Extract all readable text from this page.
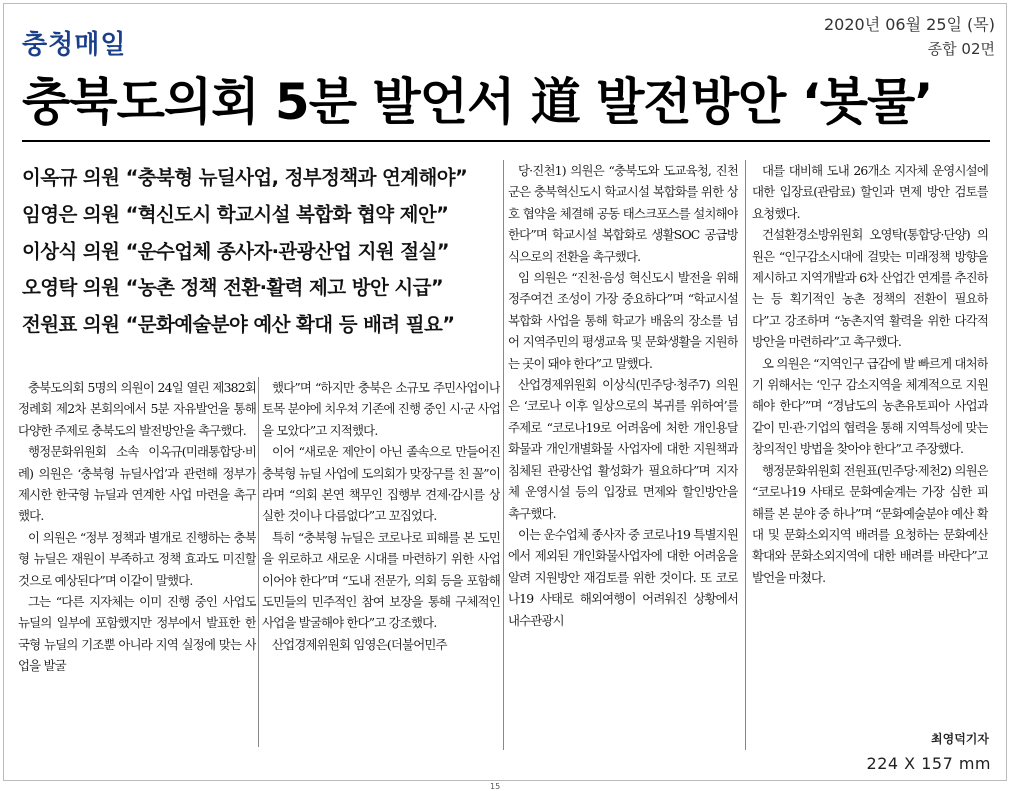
충청매일
2020년 06월 25일 (목)
종합 02면
충북도의회 5분 발언서 道 발전방안 ‘봇물’
이옥규 의원 “충북형 뉴딜사업, 정부정책과 연계해야”
임영은 의원 “혁신도시 학교시설 복합화 협약 제안”
이상식 의원 “운수업체 종사자·관광산업 지원 절실”
오영탁 의원 “농촌 정책 전환·활력 제고 방안 시급”
전원표 의원 “문화예술분야 예산 확대 등 배려 필요”

충북도의회 5명의 의원이 24일 열린 제382회 정례회 제2차 본회의에서 5분 자유발언을 통해 다양한 주제로 충북도의 발전방안을 촉구했다.

행정문화위원회 소속 이옥규(미래통합당·비례) 의원은 ‘충북형 뉴딜사업’과 관련해 정부가 제시한 한국형 뉴딜과 연계한 사업 마련을 촉구했다.

이 의원은 “정부 정책과 별개로 진행하는 충북형 뉴딜은 재원이 부족하고 정책 효과도 미진할 것으로 예상된다”며 이같이 말했다.

그는 “다른 지자체는 이미 진행 중인 사업도 뉴딜의 일부에 포함했지만 정부에서 발표한 한국형 뉴딜의 기조뿐 아니라 지역 실정에 맞는 사업을 발굴

했다”며 “하지만 충북은 소규모 주민사업이나 토목 분야에 치우쳐 기존에 진행 중인 시·군 사업을 모았다”고 지적했다.

이어 “새로운 제안이 아닌 졸속으로 만들어진 충북형 뉴딜 사업에 도의회가 맞장구를 친 꼴”이라며 “의회 본연 책무인 집행부 견제·감시를 상실한 것이나 다름없다”고 꼬집었다.

특히 “충북형 뉴딜은 코로나로 피해를 본 도민을 위로하고 새로운 시대를 마련하기 위한 사업이어야 한다”며 “도내 전문가, 의회 등을 포함해 도민들의 민주적인 참여 보장을 통해 구체적인 사업을 발굴해야 한다”고 강조했다.

산업경제위원회 임영은(더불어민주

당·진천1) 의원은 “충북도와 도교육청, 진천군은 충북혁신도시 학교시설 복합화를 위한 상호 협약을 체결해 공동 태스크포스를 설치해야 한다”며 학교시설 복합화로 생활SOC 공급방식으로의 전환을 촉구했다.

임 의원은 “진천·음성 혁신도시 발전을 위해 정주여건 조성이 가장 중요하다”며 “학교시설복합화 사업을 통해 학교가 배움의 장소를 넘어 지역주민의 평생교육 및 문화생활을 지원하는 곳이 돼야 한다”고 말했다.

산업경제위원회 이상식(민주당·청주7) 의원은 ‘코로나 이후 일상으로의 복귀를 위하여’를 주제로 “코로나19로 어려움에 처한 개인용달화물과 개인개별화물 사업자에 대한 지원책과 침체된 관광산업 활성화가 필요하다”며 지자체 운영시설 등의 입장료 면제와 할인방안을 촉구했다.

이는 운수업체 종사자 중 코로나19 특별지원에서 제외된 개인화물사업자에 대한 어려움을 알려 지원방안 재검토를 위한 것이다. 또 코로나19 사태로 해외여행이 어려워진 상황에서 내수관광시

대를 대비해 도내 26개소 지자체 운영시설에 대한 입장료(관람료) 할인과 면제 방안 검토를 요청했다.

건설환경소방위원회 오영탁(통합당·단양) 의원은 “인구감소시대에 걸맞는 미래정책 방향을 제시하고 지역개발과 6차 산업간 연계를 추진하는 등 획기적인 농촌 정책의 전환이 필요하다”고 강조하며 “농촌지역 활력을 위한 다각적 방안을 마련하라”고 촉구했다.

오 의원은 “지역인구 급감에 발 빠르게 대처하기 위해서는 ‘인구 감소지역을 체계적으로 지원해야 한다’”며 “경남도의 농촌유토피아 사업과 같이 민·관·기업의 협력을 통해 지역특성에 맞는 창의적인 방법을 찾아야 한다”고 주장했다.

행정문화위원회 전원표(민주당·제천2) 의원은 “코로나19 사태로 문화예술계는 가장 심한 피해를 본 분야 중 하나”며 “문화예술분야 예산 확대 및 문화소외지역 배려를 요청하는 문화예산 확대와 문화소외지역에 대한 배려를 바란다”고 발언을 마쳤다.

최영덕기자
224 X 157 mm
15
